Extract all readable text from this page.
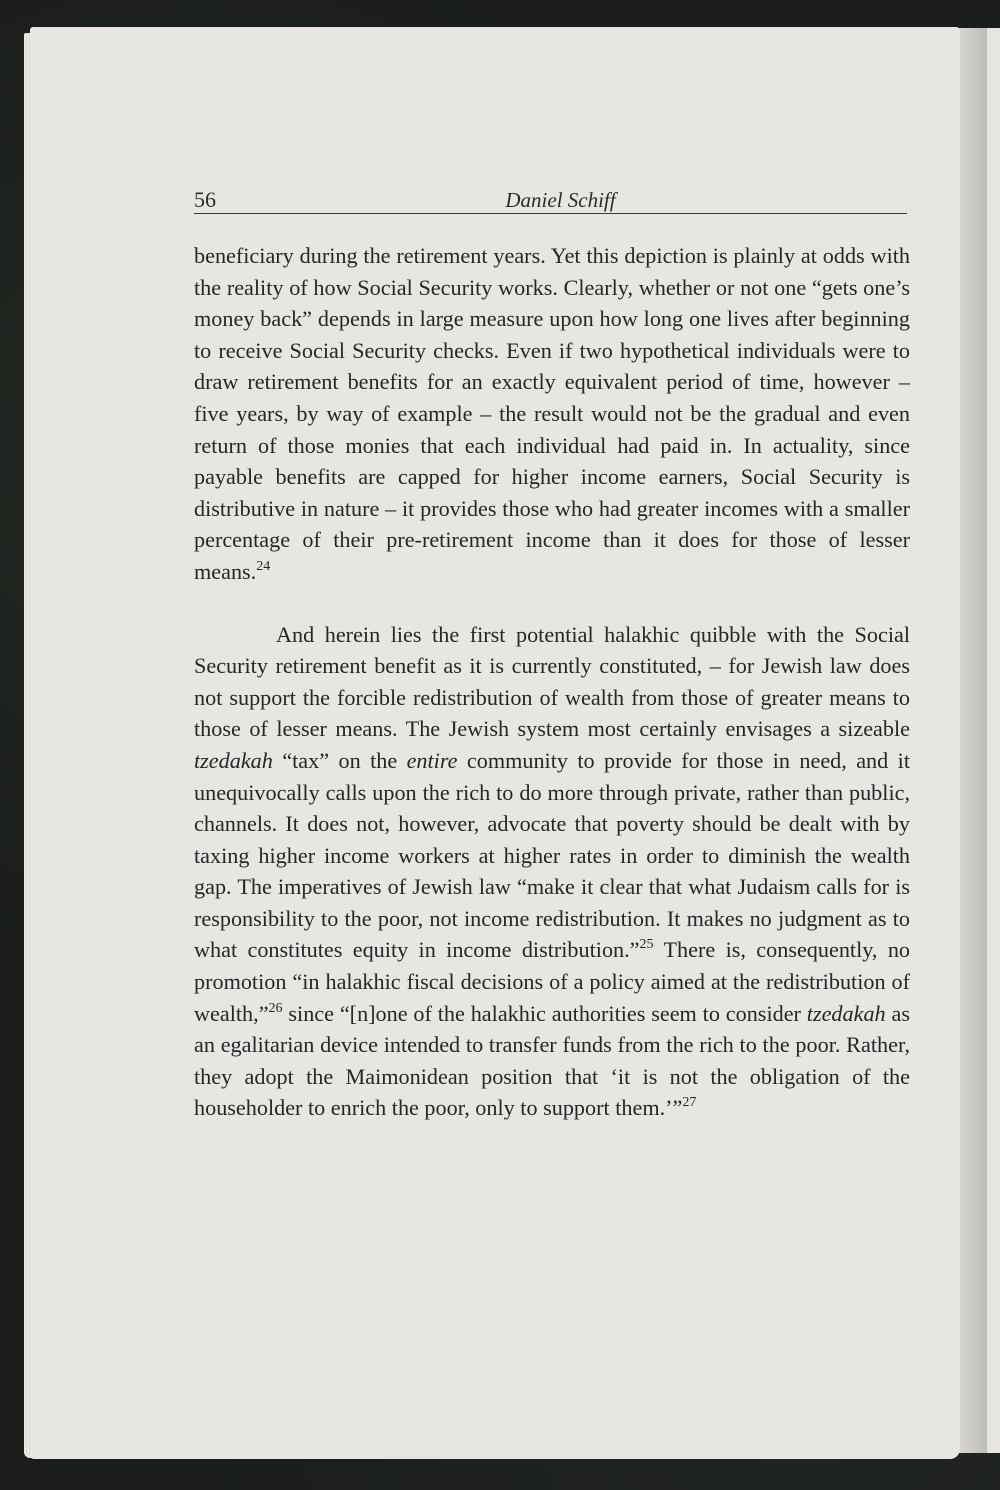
56	Daniel Schiff

beneficiary during the retirement years. Yet this depiction is plainly at odds with the reality of how Social Security works. Clearly, whether or not one “gets one’s money back” depends in large measure upon how long one lives after beginning to receive Social Security checks. Even if two hypothetical individuals were to draw retirement benefits for an exactly equivalent period of time, however – five years, by way of example – the result would not be the gradual and even return of those monies that each individual had paid in. In actuality, since payable benefits are capped for higher income earners, Social Security is distributive in nature – it provides those who had greater incomes with a smaller percentage of their pre-retirement income than it does for those of lesser means.$^{24}$

And herein lies the first potential halakhic quibble with the Social Security retirement benefit as it is currently constituted, – for Jewish law does not support the forcible redistribution of wealth from those of greater means to those of lesser means. The Jewish system most certainly envisages a sizeable tzedakah “tax” on the entire community to provide for those in need, and it unequivocally calls upon the rich to do more through private, rather than public, channels. It does not, however, advocate that poverty should be dealt with by taxing higher income workers at higher rates in order to diminish the wealth gap. The imperatives of Jewish law “make it clear that what Judaism calls for is responsibility to the poor, not income redistribution. It makes no judgment as to what constitutes equity in income distribution.”$^{25}$ There is, consequently, no promotion “in halakhic fiscal decisions of a policy aimed at the redistribution of wealth,”$^{26}$ since “[n]one of the halakhic authorities seem to consider tzedakah as an egalitarian device intended to transfer funds from the rich to the poor. Rather, they adopt the Maimonidean position that ‘it is not the obligation of the householder to enrich the poor, only to support them.’”$^{27}$
